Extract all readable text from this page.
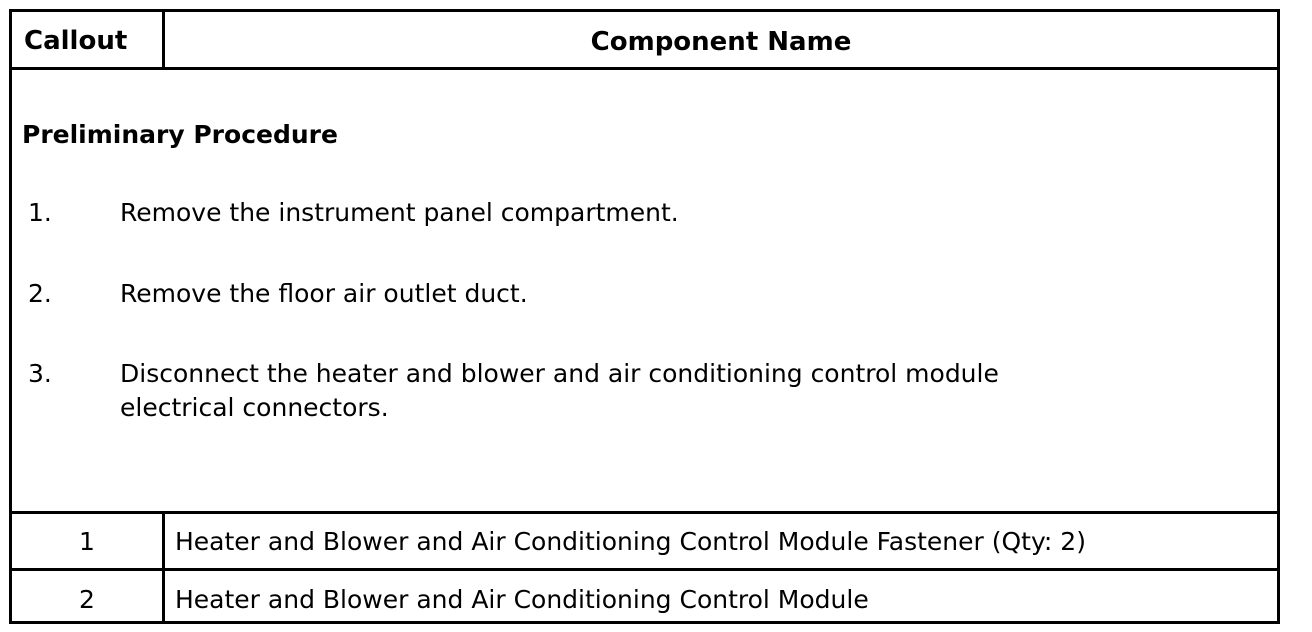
Callout	Component Name
Preliminary Procedure
1.	Remove the instrument panel compartment.
2.	Remove the floor air outlet duct.
3.	Disconnect the heater and blower and air conditioning control module electrical connectors.
1	Heater and Blower and Air Conditioning Control Module Fastener (Qty: 2)
2	Heater and Blower and Air Conditioning Control Module
